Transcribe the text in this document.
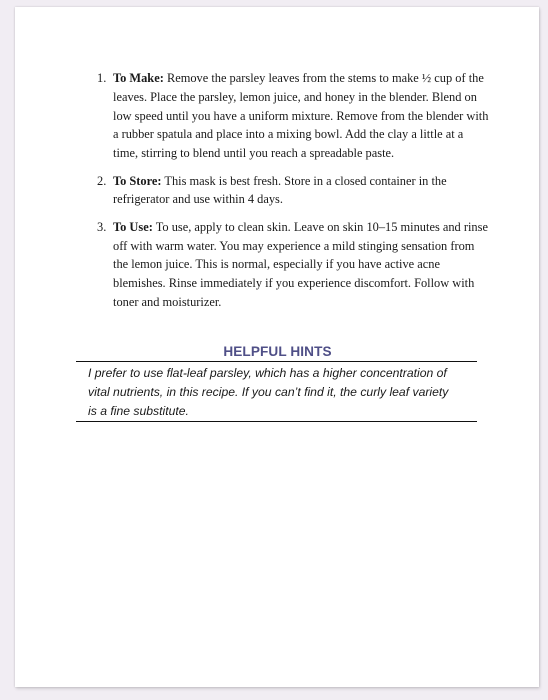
1. To Make: Remove the parsley leaves from the stems to make ½ cup of the leaves. Place the parsley, lemon juice, and honey in the blender. Blend on low speed until you have a uniform mixture. Remove from the blender with a rubber spatula and place into a mixing bowl. Add the clay a little at a time, stirring to blend until you reach a spreadable paste.
2. To Store: This mask is best fresh. Store in a closed container in the refrigerator and use within 4 days.
3. To Use: To use, apply to clean skin. Leave on skin 10–15 minutes and rinse off with warm water. You may experience a mild stinging sensation from the lemon juice. This is normal, especially if you have active acne blemishes. Rinse immediately if you experience discomfort. Follow with toner and moisturizer.
HELPFUL HINTS
I prefer to use flat-leaf parsley, which has a higher concentration of vital nutrients, in this recipe. If you can’t find it, the curly leaf variety is a fine substitute.
